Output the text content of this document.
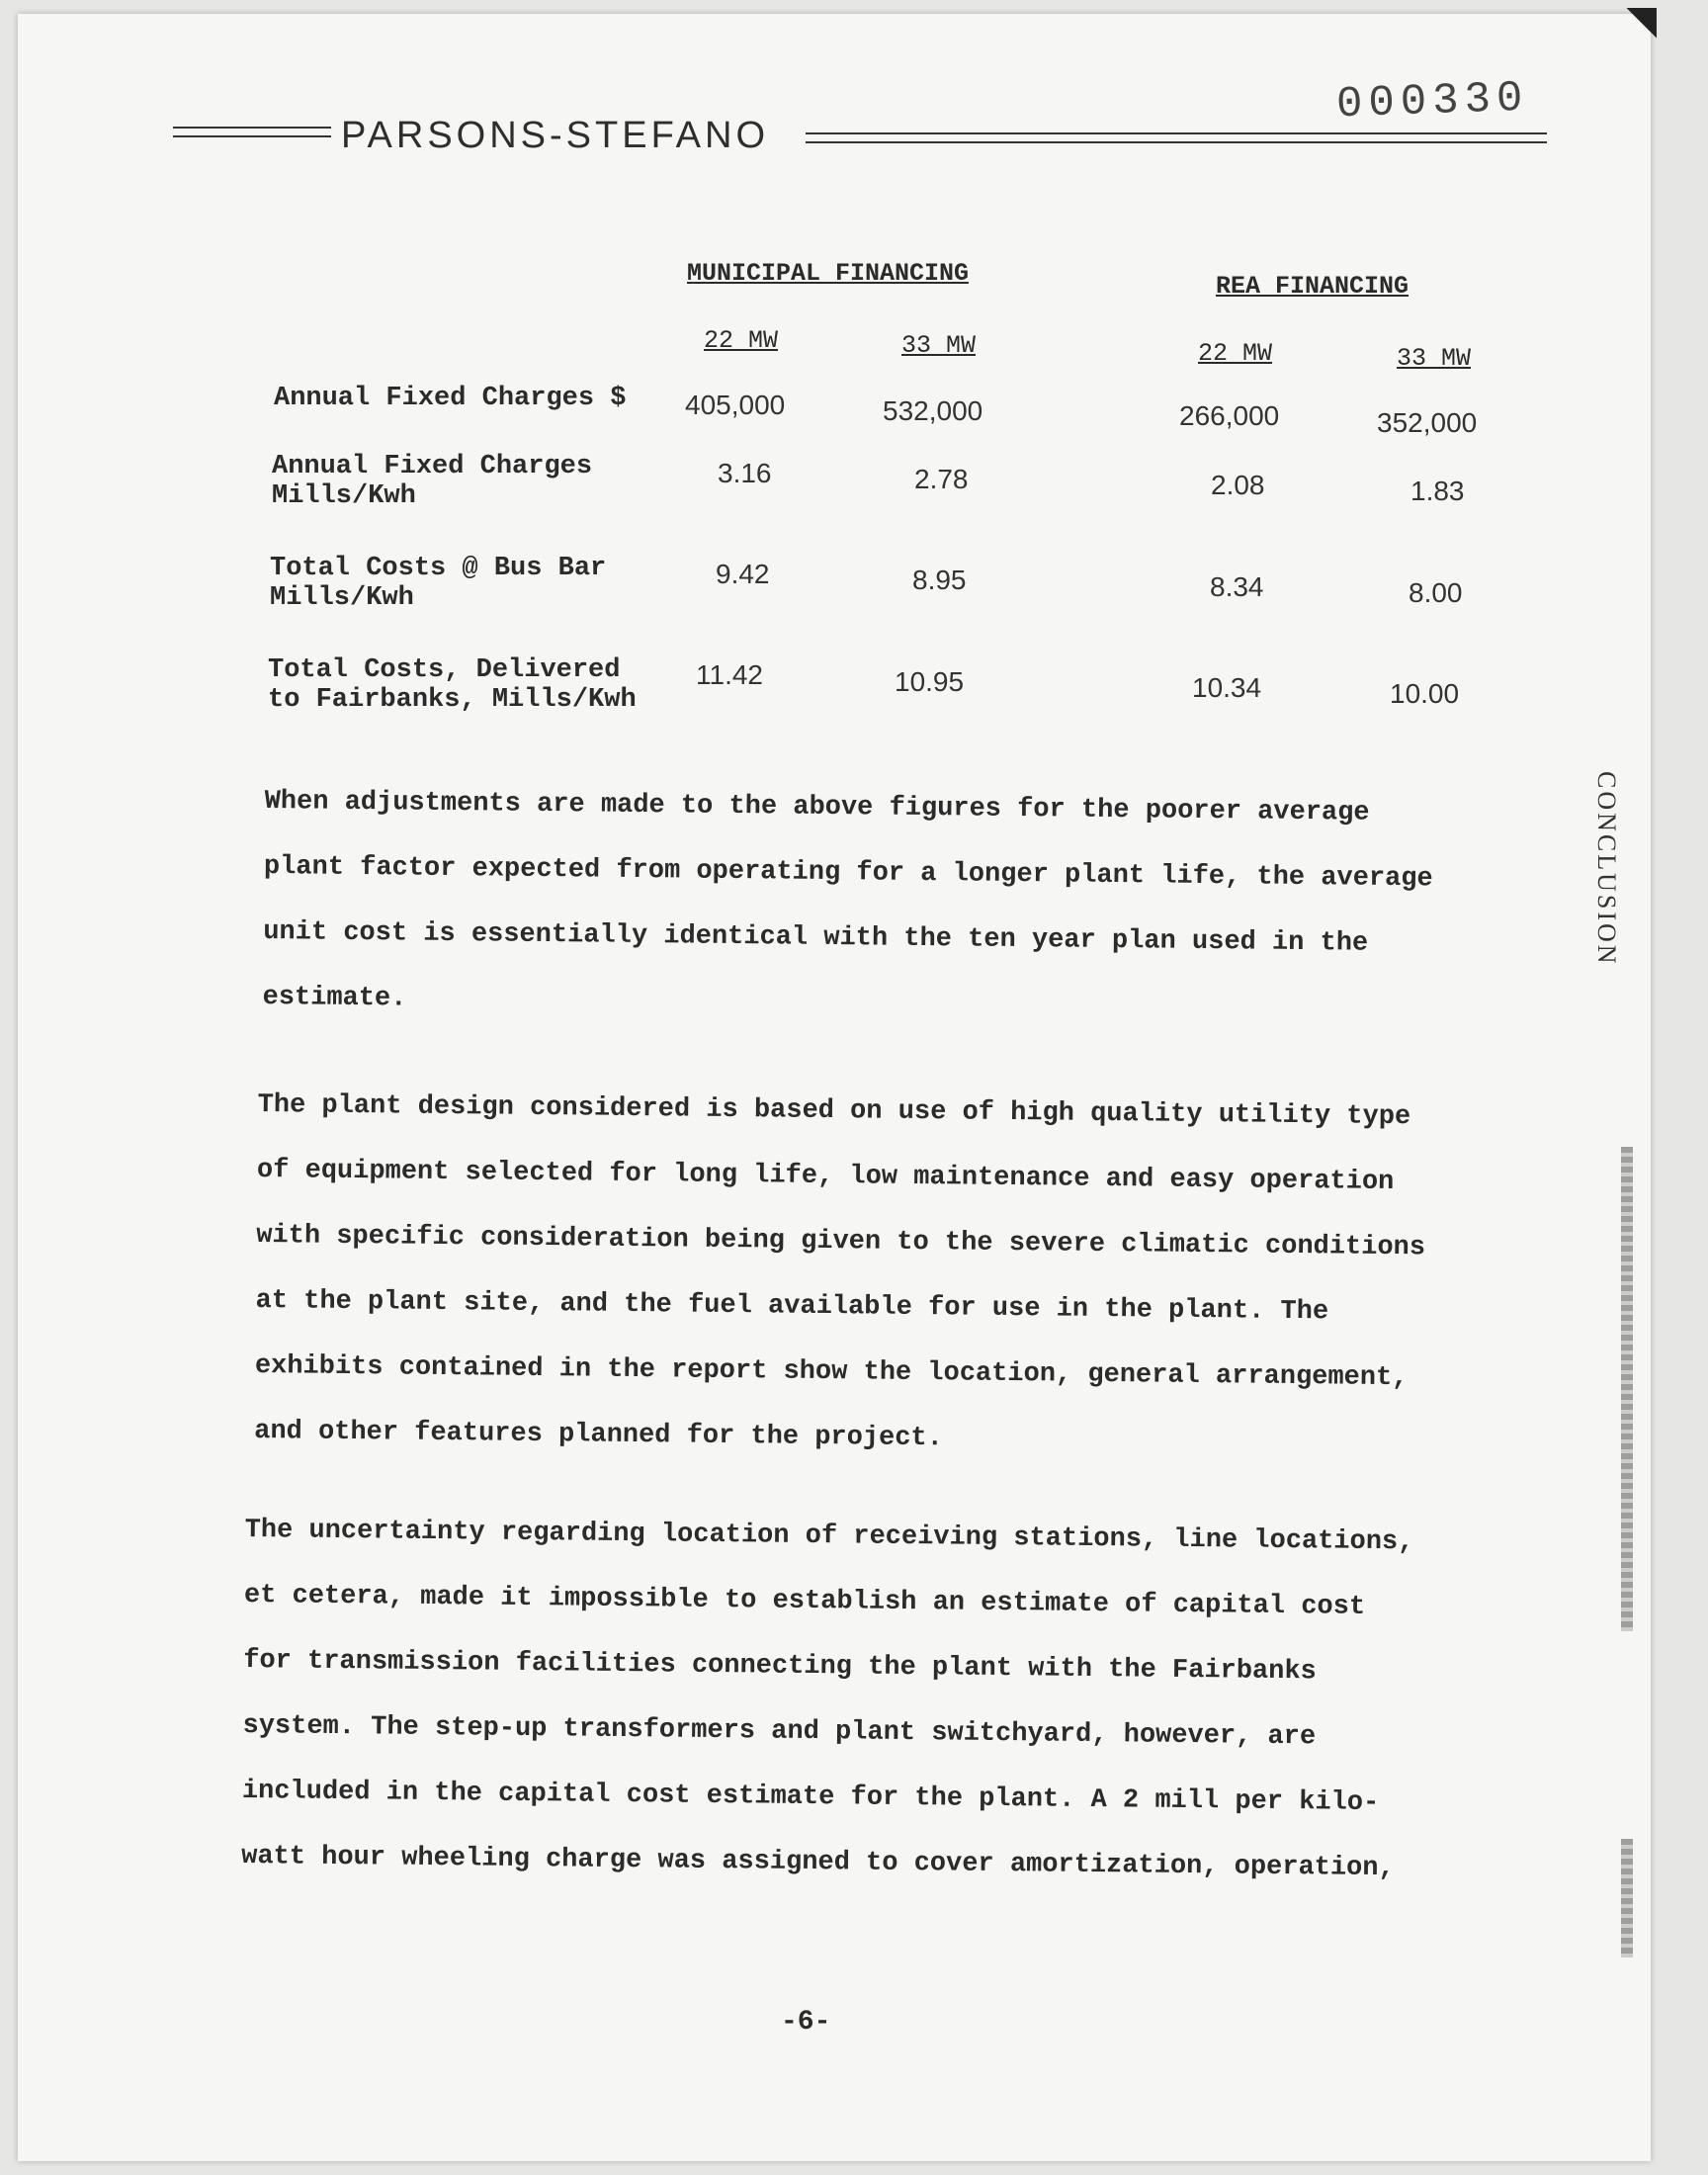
000330
PARSONS-STEFANO
MUNICIPAL FINANCING	REA FINANCING
22 MW	33 MW	22 MW	33 MW
Annual Fixed Charges $ 405,000	532,000	266,000	352,000
Annual Fixed Charges
Mills/Kwh
3.16	2.78	2.08	1.83
Total Costs @ Bus Bar
Mills/Kwh
9.42	8.95	8.34	8.00
Total Costs, Delivered
to Fairbanks, Mills/Kwh
11.42	10.95	10.34	10.00
When adjustments are made to the above figures for the poorer average
plant factor expected from operating for a longer plant life, the average
unit cost is essentially identical with the ten year plan used in the
estimate.
The plant design considered is based on use of high quality utility type
of equipment selected for long life, low maintenance and easy operation
with specific consideration being given to the severe climatic conditions
at the plant site, and the fuel available for use in the plant. The
exhibits contained in the report show the location, general arrangement,
and other features planned for the project.
The uncertainty regarding location of receiving stations, line locations,
et cetera, made it impossible to establish an estimate of capital cost
for transmission facilities connecting the plant with the Fairbanks
system. The step-up transformers and plant switchyard, however, are
included in the capital cost estimate for the plant. A 2 mill per kilo-
watt hour wheeling charge was assigned to cover amortization, operation,
-6-
CONCLUSION
